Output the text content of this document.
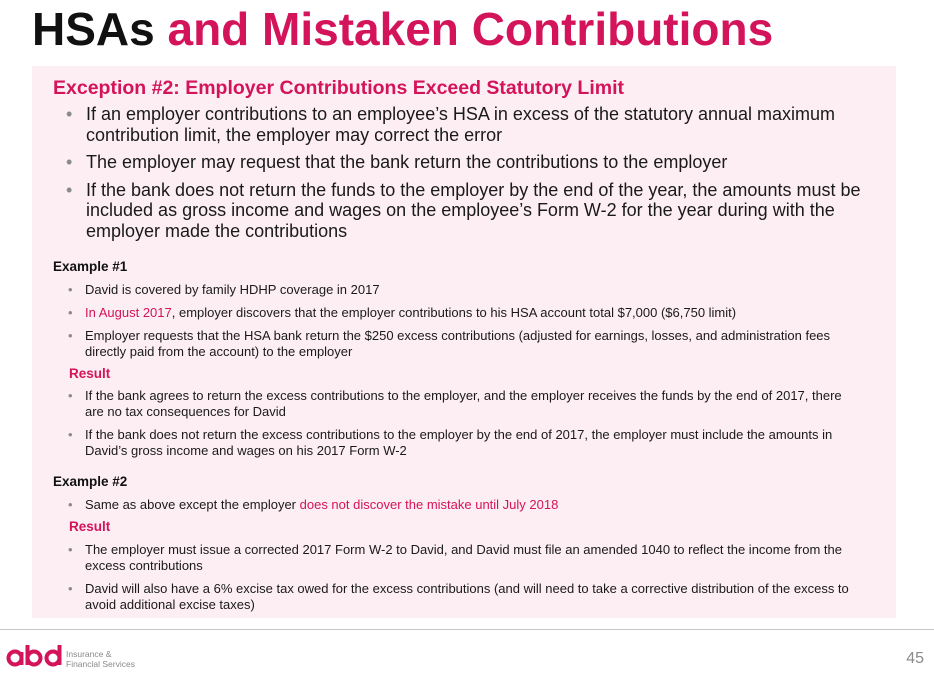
HSAs and Mistaken Contributions
Exception #2: Employer Contributions Exceed Statutory Limit
• If an employer contributions to an employee’s HSA in excess of the statutory annual maximum contribution limit, the employer may correct the error
• The employer may request that the bank return the contributions to the employer
• If the bank does not return the funds to the employer by the end of the year, the amounts must be included as gross income and wages on the employee’s Form W-2 for the year during with the employer made the contributions
Example #1
• David is covered by family HDHP coverage in 2017
• In August 2017, employer discovers that the employer contributions to his HSA account total $7,000 ($6,750 limit)
• Employer requests that the HSA bank return the $250 excess contributions (adjusted for earnings, losses, and administration fees directly paid from the account) to the employer
Result
• If the bank agrees to return the excess contributions to the employer, and the employer receives the funds by the end of 2017, there are no tax consequences for David
• If the bank does not return the excess contributions to the employer by the end of 2017, the employer must include the amounts in David’s gross income and wages on his 2017 Form W-2
Example #2
• Same as above except the employer does not discover the mistake until July 2018
Result
• The employer must issue a corrected 2017 Form W-2 to David, and David must file an amended 1040 to reflect the income from the excess contributions
• David will also have a 6% excise tax owed for the excess contributions (and will need to take a corrective distribution of the excess to avoid additional excise taxes)
Insurance &
Financial Services	45
